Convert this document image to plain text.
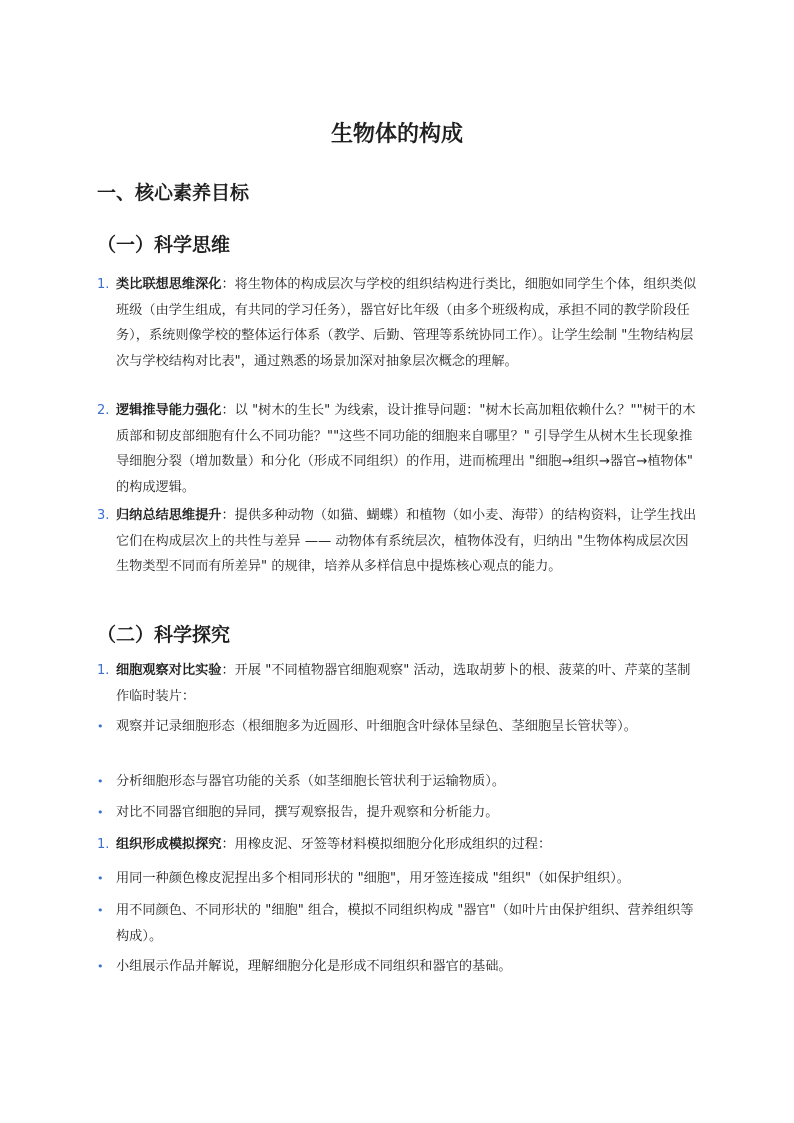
生物体的构成
一、核心素养目标
（一）科学思维
1. 类比联想思维深化：将生物体的构成层次与学校的组织结构进行类比，细胞如同学生个体，组织类似班级（由学生组成，有共同的学习任务），器官好比年级（由多个班级构成，承担不同的教学阶段任务），系统则像学校的整体运行体系（教学、后勤、管理等系统协同工作）。让学生绘制 "生物结构层次与学校结构对比表"，通过熟悉的场景加深对抽象层次概念的理解。
2. 逻辑推导能力强化：以 "树木的生长" 为线索，设计推导问题："树木长高加粗依赖什么？""树干的木质部和韧皮部细胞有什么不同功能？""这些不同功能的细胞来自哪里？" 引导学生从树木生长现象推导细胞分裂（增加数量）和分化（形成不同组织）的作用，进而梳理出 "细胞→组织→器官→植物体" 的构成逻辑。
3. 归纳总结思维提升：提供多种动物（如猫、蝴蝶）和植物（如小麦、海带）的结构资料，让学生找出它们在构成层次上的共性与差异 —— 动物体有系统层次，植物体没有，归纳出 "生物体构成层次因生物类型不同而有所差异" 的规律，培养从多样信息中提炼核心观点的能力。
（二）科学探究
1. 细胞观察对比实验：开展 "不同植物器官细胞观察" 活动，选取胡萝卜的根、菠菜的叶、芹菜的茎制作临时装片：
• 观察并记录细胞形态（根细胞多为近圆形、叶细胞含叶绿体呈绿色、茎细胞呈长管状等）。
• 分析细胞形态与器官功能的关系（如茎细胞长管状利于运输物质）。
• 对比不同器官细胞的异同，撰写观察报告，提升观察和分析能力。
1. 组织形成模拟探究：用橡皮泥、牙签等材料模拟细胞分化形成组织的过程：
• 用同一种颜色橡皮泥捏出多个相同形状的 "细胞"，用牙签连接成 "组织"（如保护组织）。
• 用不同颜色、不同形状的 "细胞" 组合，模拟不同组织构成 "器官"（如叶片由保护组织、营养组织等构成）。
• 小组展示作品并解说，理解细胞分化是形成不同组织和器官的基础。
